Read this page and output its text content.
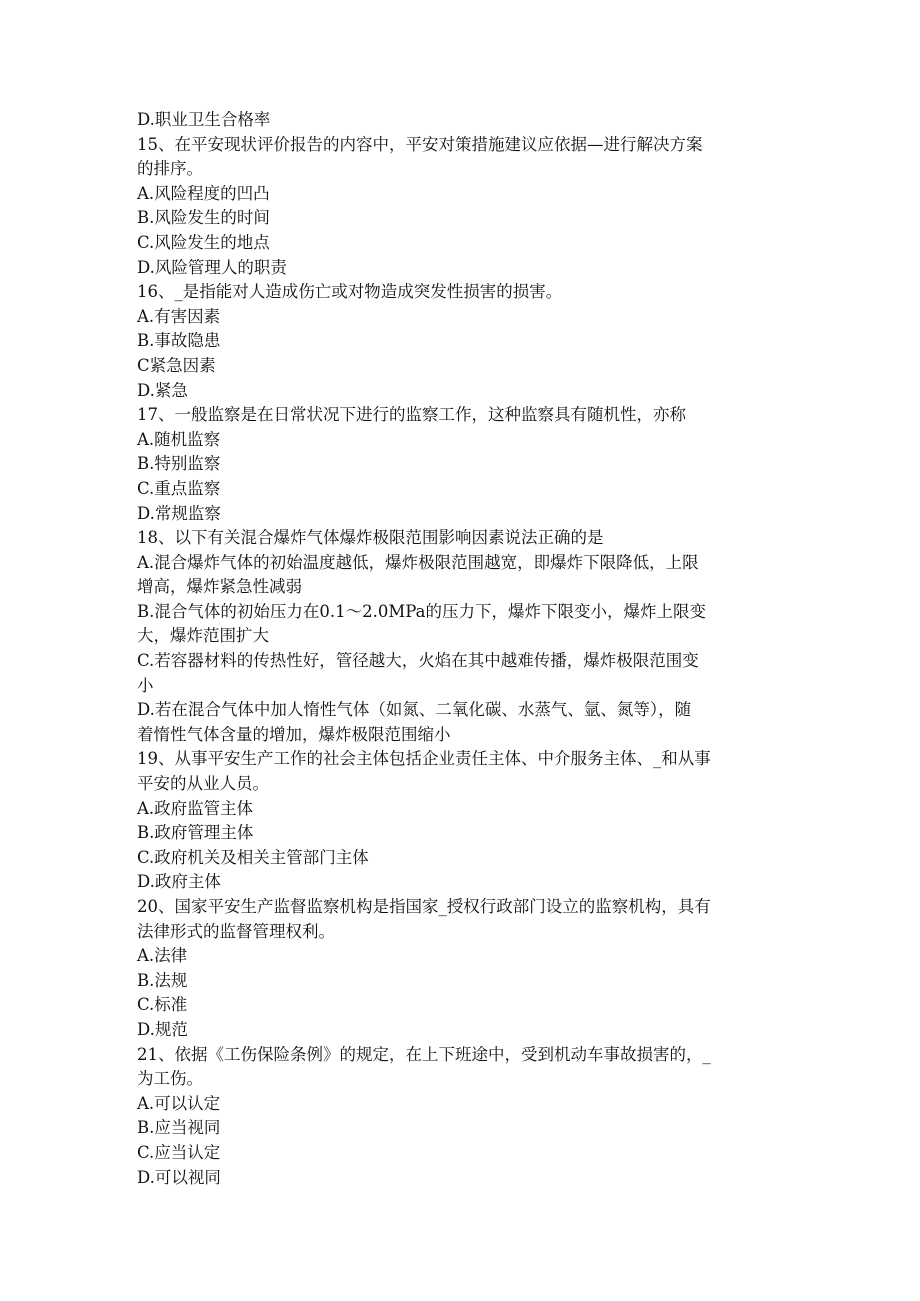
D.职业卫生合格率
15、在平安现状评价报告的内容中，平安对策措施建议应依据—进行解决方案
的排序。
A.风险程度的凹凸
B.风险发生的时间
C.风险发生的地点
D.风险管理人的职责
16、_是指能对人造成伤亡或对物造成突发性损害的损害。
A.有害因素
B.事故隐患
C紧急因素
D.紧急
17、一般监察是在日常状况下进行的监察工作，这种监察具有随机性，亦称
A.随机监察
B.特别监察
C.重点监察
D.常规监察
18、以下有关混合爆炸气体爆炸极限范围影响因素说法正确的是
A.混合爆炸气体的初始温度越低，爆炸极限范围越宽，即爆炸下限降低，上限
增高，爆炸紧急性减弱
B.混合气体的初始压力在0.1～2.0MPa的压力下，爆炸下限变小，爆炸上限变
大，爆炸范围扩大
C.若容器材料的传热性好，管径越大，火焰在其中越难传播，爆炸极限范围变
小
D.若在混合气体中加人惰性气体（如氮、二氧化碳、水蒸气、氩、氮等），随
着惰性气体含量的增加，爆炸极限范围缩小
19、从事平安生产工作的社会主体包括企业责任主体、中介服务主体、_和从事
平安的从业人员。
A.政府监管主体
B.政府管理主体
C.政府机关及相关主管部门主体
D.政府主体
20、国家平安生产监督监察机构是指国家_授权行政部门设立的监察机构，具有
法律形式的监督管理权利。
A.法律
B.法规
C.标准
D.规范
21、依据《工伤保险条例》的规定，在上下班途中，受到机动车事故损害的，_
为工伤。
A.可以认定
B.应当视同
C.应当认定
D.可以视同
